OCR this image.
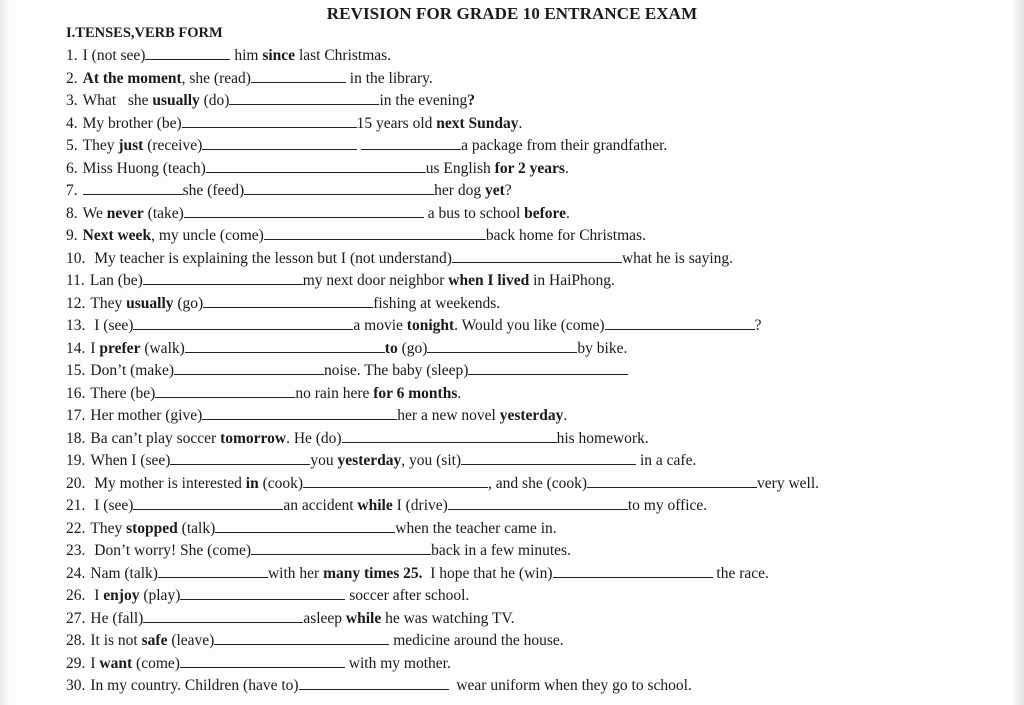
REVISION FOR GRADE 10 ENTRANCE EXAM
I.TENSES,VERB FORM
1. I (not see)	him since last Christmas.
2. At the moment, she (read)	in the library.
3. What   she usually (do)	in the evening?
4. My brother (be)	15 years old next Sunday.
5. They just (receive)	a package from their grandfather.
6. Miss Huong (teach)	us English for 2 years.
7.	she (feed)	her dog yet?
8. We never (take)	a bus to school before.
9. Next week, my uncle (come)	back home for Christmas.
10. My teacher is explaining the lesson but I (not understand)	what he is saying.
11. Lan (be)	my next door neighbor when I lived in HaiPhong.
12. They usually (go)	fishing at weekends.
13. I (see)	a movie tonight. Would you like (come)	?
14. I prefer (walk)	to (go)	by bike.
15. Don’t (make)	noise. The baby (sleep)
16. There (be)	no rain here for 6 months.
17. Her mother (give)	her a new novel yesterday.
18. Ba can’t play soccer tomorrow. He (do)	his homework.
19. When I (see)	you yesterday, you (sit)	in a cafe.
20. My mother is interested in (cook)	, and she (cook)	very well.
21. I (see)	an accident while I (drive)	to my office.
22. They stopped (talk)	when the teacher came in.
23. Don’t worry! She (come)	back in a few minutes.
24. Nam (talk)	with her many times 25.  I hope that he (win)	the race.
26. I enjoy (play)	soccer after school.
27. He (fall)	asleep while he was watching TV.
28. It is not safe (leave)	medicine around the house.
29. I want (come)	with my mother.
30. In my country. Children (have to)	wear uniform when they go to school.
